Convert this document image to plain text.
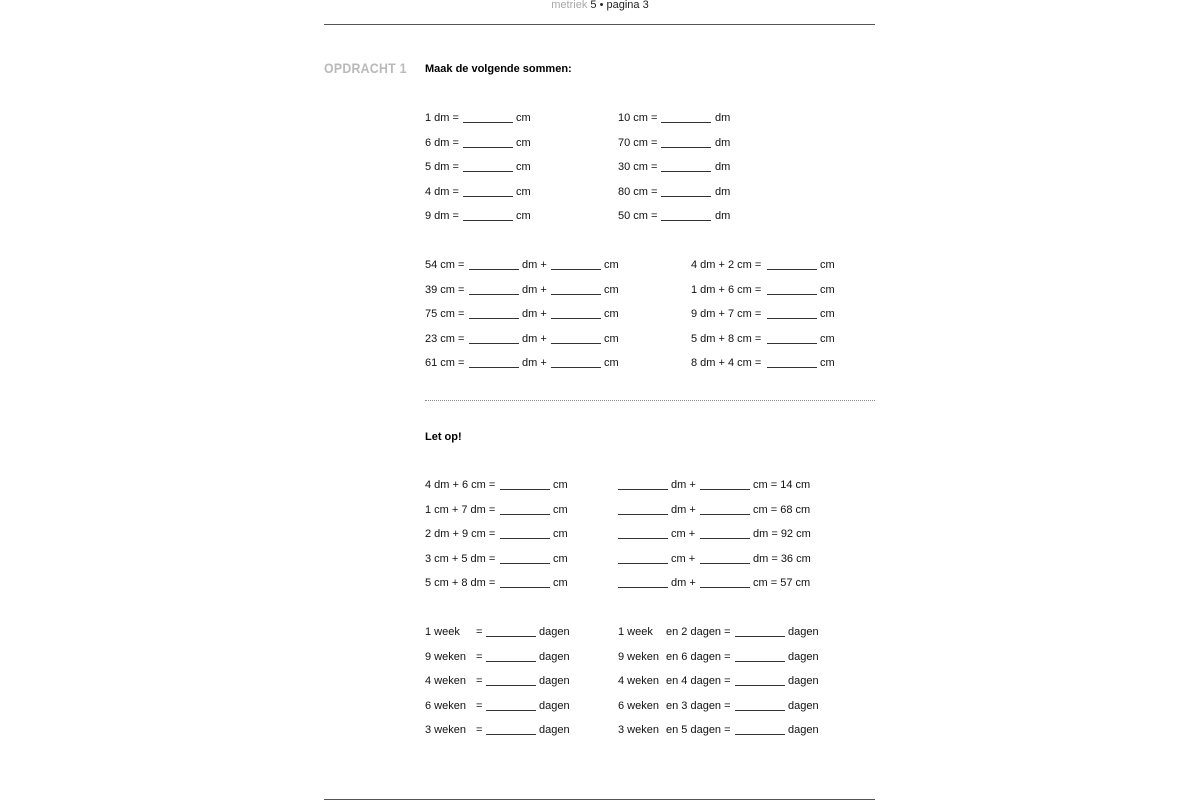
metriek 5 • pagina 3
OPDRACHT 1 Maak de volgende sommen:
1 dm =	cm
6 dm =	cm
5 dm =	cm
4 dm =	cm
9 dm =	cm
10 cm =	dm
70 cm =	dm
30 cm =	dm
80 cm =	dm
50 cm =	dm
54 cm =	dm +	cm
39 cm =	dm +	cm
75 cm =	dm +	cm
23 cm =	dm +	cm
61 cm =	dm +	cm
4 dm + 2 cm =	cm
1 dm + 6 cm =	cm
9 dm + 7 cm =	cm
5 dm + 8 cm =	cm
8 dm + 4 cm =	cm
Let op!
4 dm + 6 cm =	cm
1 cm + 7 dm =	cm
2 dm + 9 cm =	cm
3 cm + 5 dm =	cm
5 cm + 8 dm =	cm
dm +	cm = 14 cm
dm +	cm = 68 cm
cm +	dm = 92 cm
cm +	dm = 36 cm
dm +	cm = 57 cm
1 week =	dagen
9 weken =	dagen
4 weken =	dagen
6 weken =	dagen
3 weken =	dagen
1 week en 2 dagen =	dagen
9 weken en 6 dagen =	dagen
4 weken en 4 dagen =	dagen
6 weken en 3 dagen =	dagen
3 weken en 5 dagen =	dagen
